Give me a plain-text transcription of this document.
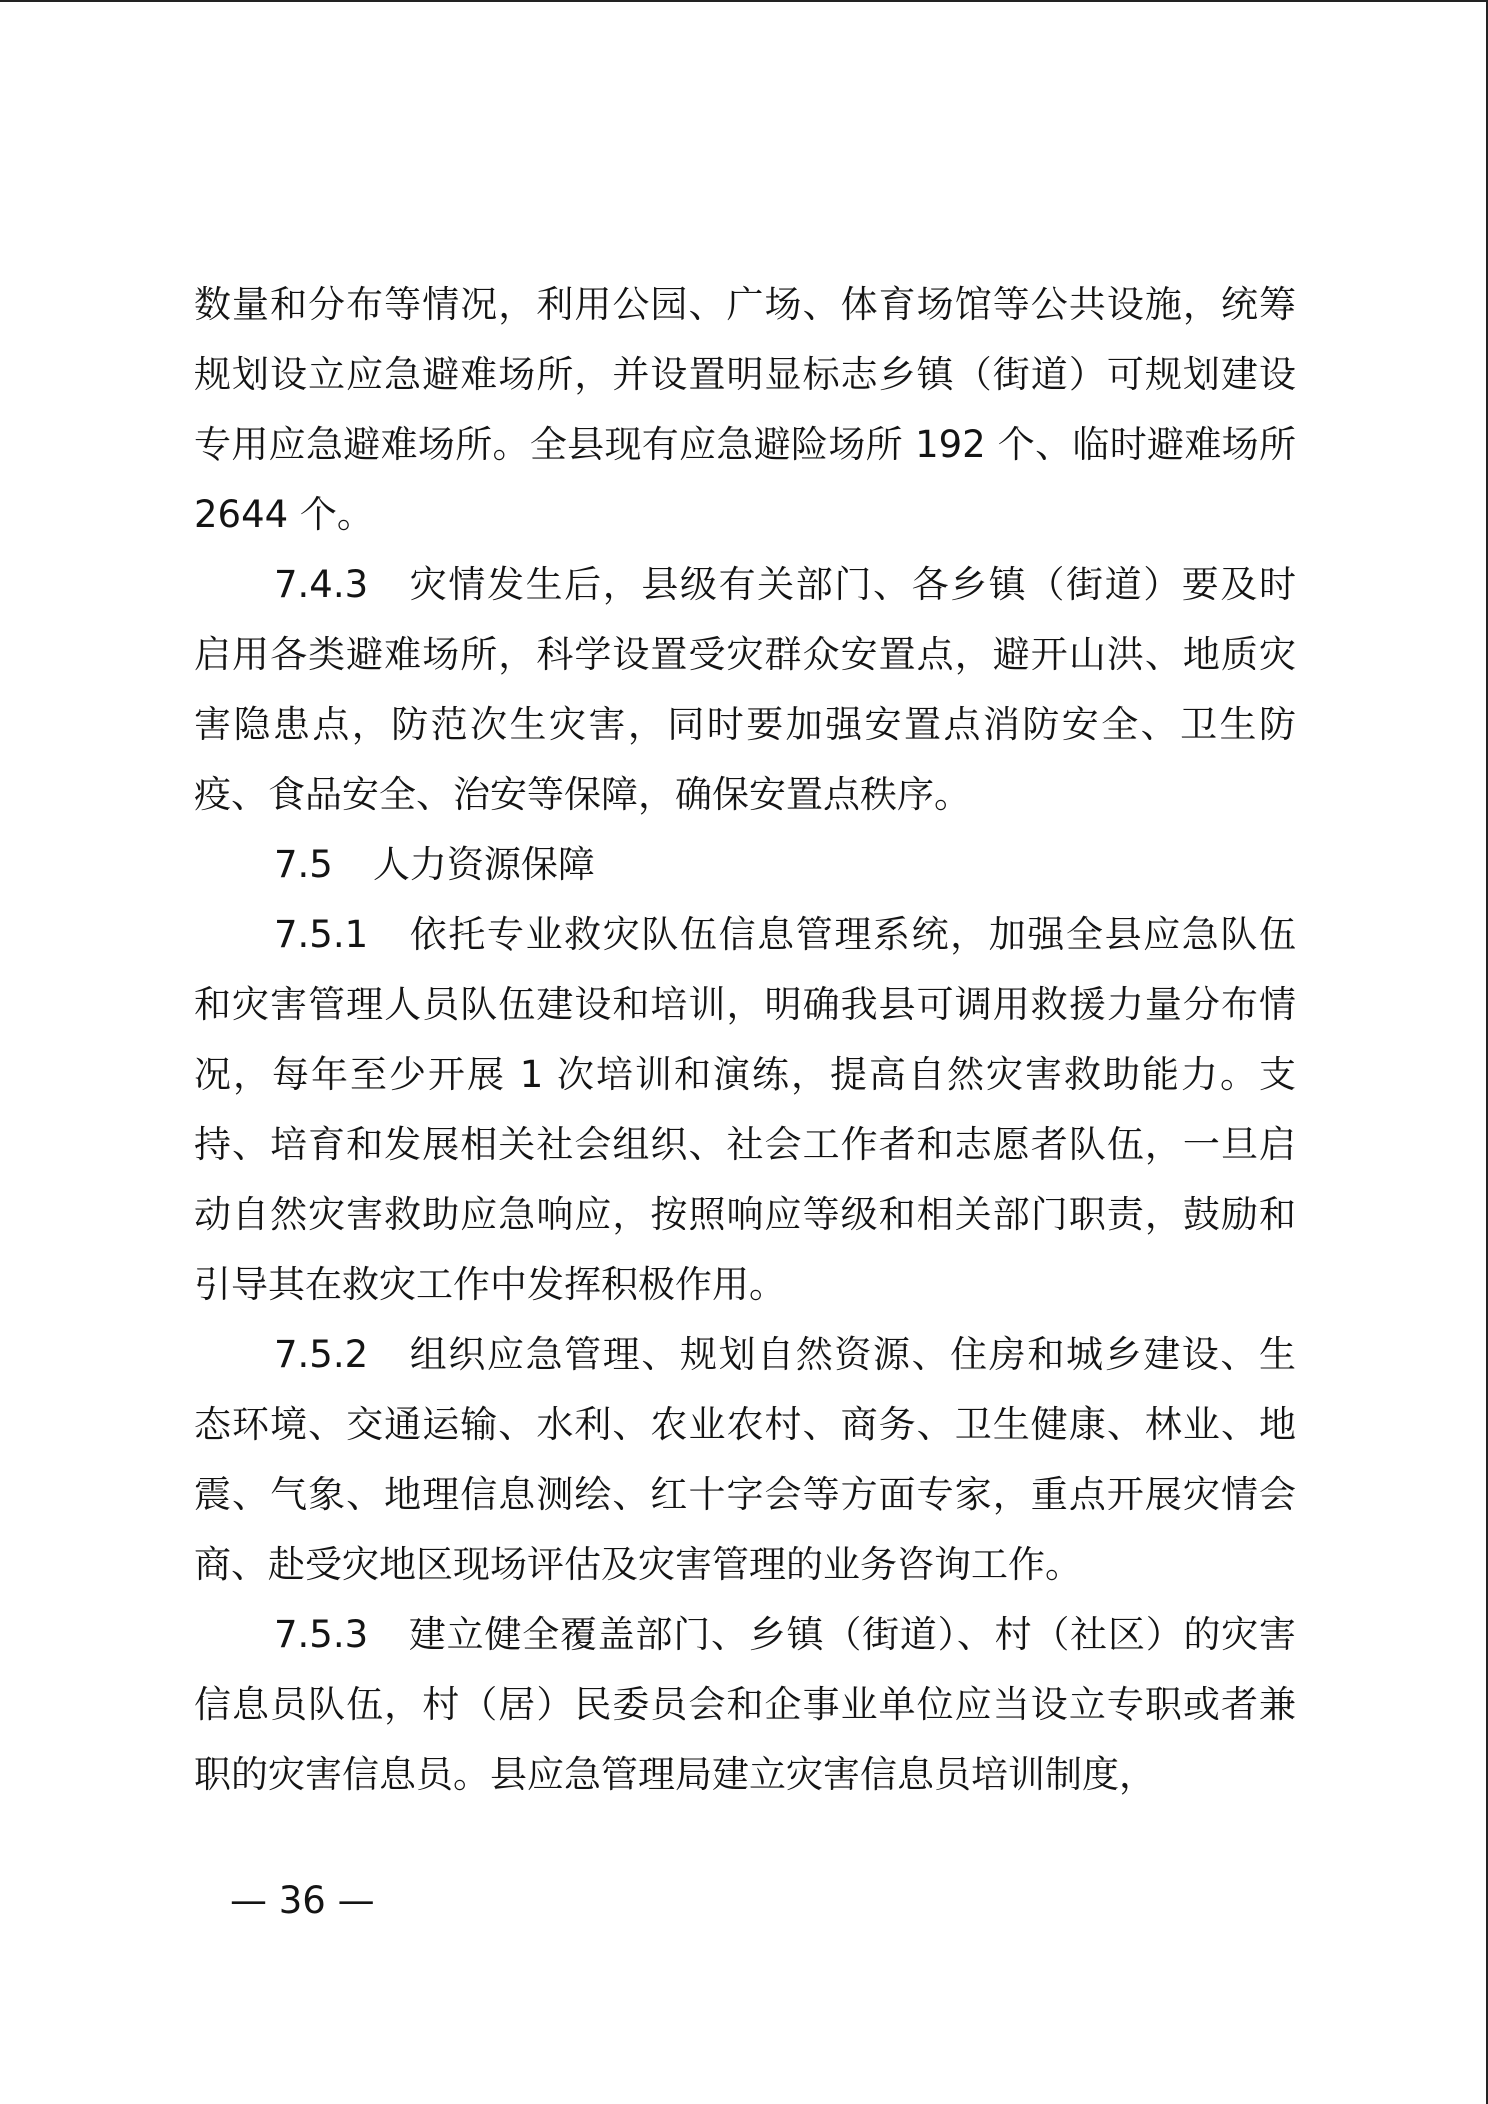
数量和分布等情况，利用公园、广场、体育场馆等公共设施，统筹规划设立应急避难场所，并设置明显标志乡镇（街道）可规划建设专用应急避难场所。全县现有应急避险场所 192 个、临时避难场所 2644 个。

7.4.3 灾情发生后，县级有关部门、各乡镇（街道）要及时启用各类避难场所，科学设置受灾群众安置点，避开山洪、地质灾害隐患点，防范次生灾害，同时要加强安置点消防安全、卫生防疫、食品安全、治安等保障，确保安置点秩序。

7.5 人力资源保障

7.5.1 依托专业救灾队伍信息管理系统，加强全县应急队伍和灾害管理人员队伍建设和培训，明确我县可调用救援力量分布情况，每年至少开展 1 次培训和演练，提高自然灾害救助能力。支持、培育和发展相关社会组织、社会工作者和志愿者队伍，一旦启动自然灾害救助应急响应，按照响应等级和相关部门职责，鼓励和引导其在救灾工作中发挥积极作用。

7.5.2 组织应急管理、规划自然资源、住房和城乡建设、生态环境、交通运输、水利、农业农村、商务、卫生健康、林业、地震、气象、地理信息测绘、红十字会等方面专家，重点开展灾情会商、赴受灾地区现场评估及灾害管理的业务咨询工作。

7.5.3 建立健全覆盖部门、乡镇（街道）、村（社区）的灾害信息员队伍，村（居）民委员会和企事业单位应当设立专职或者兼职的灾害信息员。县应急管理局建立灾害信息员培训制度，

— 36 —
